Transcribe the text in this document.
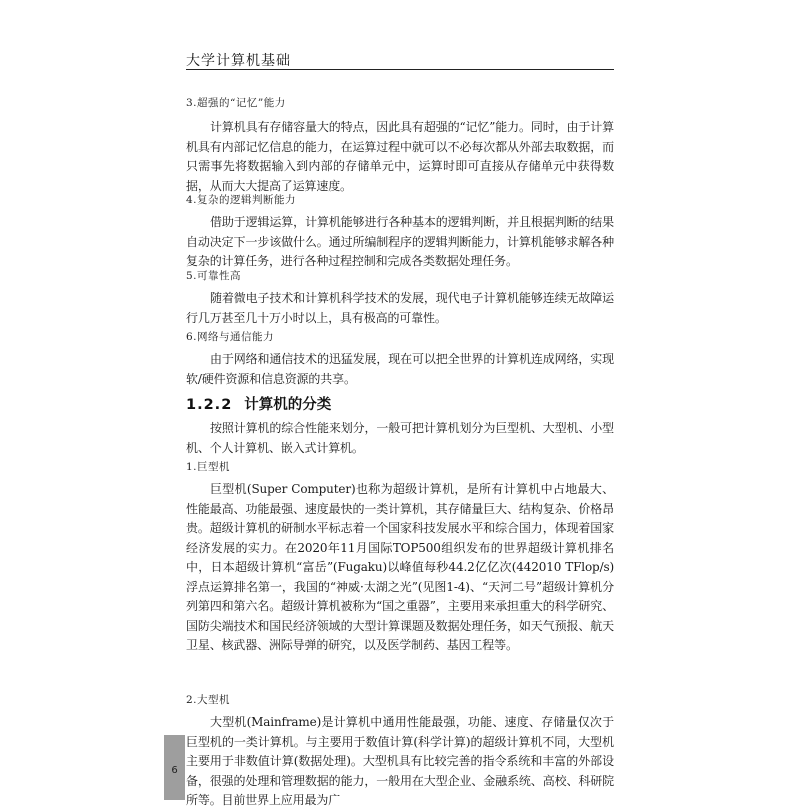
大学计算机基础
3.超强的“记忆”能力
计算机具有存储容量大的特点，因此具有超强的“记忆”能力。同时，由于计算机具有内部记忆信息的能力，在运算过程中就可以不必每次都从外部去取数据，而只需事先将数据输入到内部的存储单元中，运算时即可直接从存储单元中获得数据，从而大大提高了运算速度。
4.复杂的逻辑判断能力
借助于逻辑运算，计算机能够进行各种基本的逻辑判断，并且根据判断的结果自动决定下一步该做什么。通过所编制程序的逻辑判断能力，计算机能够求解各种复杂的计算任务，进行各种过程控制和完成各类数据处理任务。
5.可靠性高
随着微电子技术和计算机科学技术的发展，现代电子计算机能够连续无故障运行几万甚至几十万小时以上，具有极高的可靠性。
6.网络与通信能力
由于网络和通信技术的迅猛发展，现在可以把全世界的计算机连成网络，实现软/硬件资源和信息资源的共享。
1.2.2 计算机的分类
按照计算机的综合性能来划分，一般可把计算机划分为巨型机、大型机、小型机、个人计算机、嵌入式计算机。
1.巨型机
巨型机(Super Computer)也称为超级计算机，是所有计算机中占地最大、性能最高、功能最强、速度最快的一类计算机，其存储量巨大、结构复杂、价格昂贵。超级计算机的研制水平标志着一个国家科技发展水平和综合国力，体现着国家经济发展的实力。在2020年11月国际TOP500组织发布的世界超级计算机排名中，日本超级计算机“富岳”(Fugaku)以峰值每秒44.2亿亿次(442010 TFlop/s)浮点运算排名第一，我国的“神威·太湖之光”(见图1-4)、“天河二号”超级计算机分列第四和第六名。超级计算机被称为“国之重器”，主要用来承担重大的科学研究、国防尖端技术和国民经济领域的大型计算课题及数据处理任务，如天气预报、航天卫星、核武器、洲际导弹的研究，以及医学制药、基因工程等。
2.大型机
大型机(Mainframe)是计算机中通用性能最强，功能、速度、存储量仅次于巨型机的一类计算机。与主要用于数值计算(科学计算)的超级计算机不同，大型机主要用于非数值计算(数据处理)。大型机具有比较完善的指令系统和丰富的外部设备，很强的处理和管理数据的能力，一般用在大型企业、金融系统、高校、科研院所等。目前世界上应用最为广
6
